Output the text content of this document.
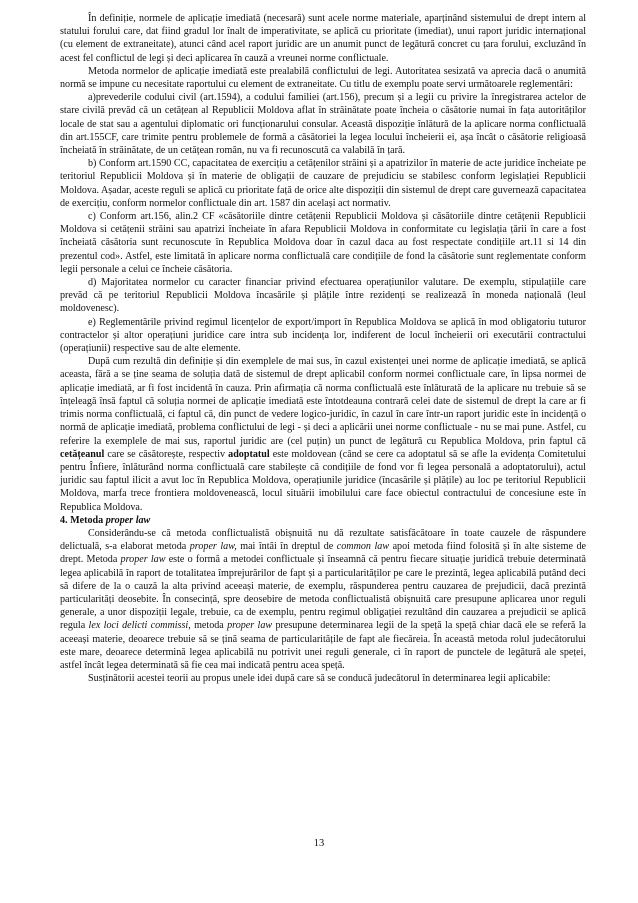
În definiție, normele de aplicație imediată (necesară) sunt acele norme materiale, aparținând sistemului de drept intern al statului forului care, dat fiind gradul lor înalt de imperativitate, se aplică cu prioritate (imediat), unui raport juridic internațional (cu element de extraneitate), atunci când acel raport juridic are un anumit punct de legătură concret cu țara forului, excluzând în acest fel conflictul de legi și deci aplicarea în cauză a vreunei norme conflictuale.

Metoda normelor de aplicație imediată este prealabilă conflictului de legi. Autoritatea sesizată va aprecia dacă o anumită normă se impune cu necesitate raportului cu element de extraneitate. Cu titlu de exemplu poate servi următoarele reglementări:

a)prevederile codului civil (art.1594), a codului familiei (art.156), precum și a legii cu privire la înregistrarea actelor de stare civilă prevăd că un cetățean al Republicii Moldova aflat în străinătate poate încheia o căsătorie numai în fața autorităților locale de stat sau a agentului diplomatic ori funcționarului consular. Această dispoziție înlătură de la aplicare norma conflictuală din art.155CF, care trimite pentru problemele de formă a căsătoriei la legea locului încheierii ei, așa încât o căsătorie religioasă încheiată în străinătate, de un cetățean român, nu va fi recunoscută ca valabilă în țară.

b) Conform art.1590 CC, capacitatea de exercițiu a cetățenilor străini și a apatrizilor în materie de acte juridice încheiate pe teritoriul Republicii Moldova și în materie de obligații de cauzare de prejudiciu se stabilesc conform legislației Republicii Moldova. Așadar, aceste reguli se aplică cu prioritate față de orice alte dispoziții din sistemul de drept care guvernează capacitatea de exercițiu, conform normelor conflictuale din art. 1587 din același act normativ.

c) Conform art.156, alin.2 CF «căsătoriile dintre cetățenii Republicii Moldova și căsătoriile dintre cetățenii Republicii Moldova si cetățenii străini sau apatrizi încheiate în afara Republicii Moldova in conformitate cu legislația țării în care a fost încheiată căsătoria sunt recunoscute în Republica Moldova doar în cazul daca au fost respectate condițiile art.11 si 14 din prezentul cod». Astfel, este limitată în aplicare norma conflictuală care condițiile de fond la căsătorie sunt reglementate conform legii personale a celui ce încheie căsătoria.

d) Majoritatea normelor cu caracter financiar privind efectuarea operațiunilor valutare. De exemplu, stipulațiile care prevăd că pe teritoriul Republicii Moldova încasările și plățile între rezidenți se realizează în moneda națională (leul moldovenesc).

e) Reglementările privind regimul licențelor de export/import în Republica Moldova se aplică în mod obligatoriu tuturor contractelor și altor operațiuni juridice care intra sub incidența lor, indiferent de locul încheierii ori executării contractului (operațiunii) respective sau de alte elemente.

După cum rezultă din definiție și din exemplele de mai sus, în cazul existenței unei norme de aplicație imediată, se aplică aceasta, fără a se ține seama de soluția dată de sistemul de drept aplicabil conform normei conflictuale care, în lipsa normei de aplicație imediată, ar fi fost incidentă în cauza. Prin afirmația că norma conflictuală este înlăturată de la aplicare nu trebuie să se înțeleagă însă faptul că soluția normei de aplicație imediată este întotdeauna contrară celei date de sistemul de drept la care ar fi trimis norma conflictuală, ci faptul că, din punct de vedere logico-juridic, în cazul în care într-un raport juridic este în incidență o normă de aplicație imediată, problema conflictului de legi - și deci a aplicării unei norme conflictuale - nu se mai pune. Astfel, cu referire la exemplele de mai sus, raportul juridic are (cel puțin) un punct de legătură cu Republica Moldova, prin faptul că cetățeanul care se căsătorește, respectiv adoptatul este moldovean (când se cere ca adoptatul să se afle la evidența Comitetului pentru Înfiere, înlăturând norma conflictuală care stabilește că condițiile de fond vor fi legea personală a adoptatorului), actul juridic sau faptul ilicit a avut loc în Republica Moldova, operațiunile juridice (încasările și plățile) au loc pe teritoriul Republicii Moldova, marfa trece frontiera moldovenească, locul situării imobilului care face obiectul contractului de concesiune este în Republica Moldova.

4. Metoda proper law

Considerându-se că metoda conflictualistă obișnuită nu dă rezultate satisfăcătoare în toate cauzele de răspundere delictuală, s-a elaborat metoda proper law, mai întâi în dreptul de common law apoi metoda fiind folosită și în alte sisteme de drept. Metoda proper law este o formă a metodei conflictuale și înseamnă că pentru fiecare situație juridică trebuie determinată legea aplicabilă în raport de totalitatea împrejurărilor de fapt și a particularităților pe care le prezintă, legea aplicabilă putând deci să difere de la o cauză la alta privind aceeași materie, de exemplu, răspunderea pentru cauzarea de prejudicii, dacă prezintă particularități deosebite. În consecință, spre deosebire de metoda conflictualistă obișnuită care presupune aplicarea unor reguli generale, a unor dispoziții legale, trebuie, ca de exemplu, pentru regimul obligației rezultând din cauzarea a prejudicii se aplică regula lex loci delicti commissi, metoda proper law presupune determinarea legii de la speță la speță chiar dacă ele se referă la aceeași materie, deoarece trebuie să se țină seama de particularitățile de fapt ale fiecăreia. În această metoda rolul judecătorului este mare, deoarece determină legea aplicabilă nu potrivit unei reguli generale, ci în raport de punctele de legătură ale speței, astfel încât legea determinată să fie cea mai indicată pentru acea speță.

Susținătorii acestei teorii au propus unele idei după care să se conducă judecătorul în determinarea legii aplicabile:

13
